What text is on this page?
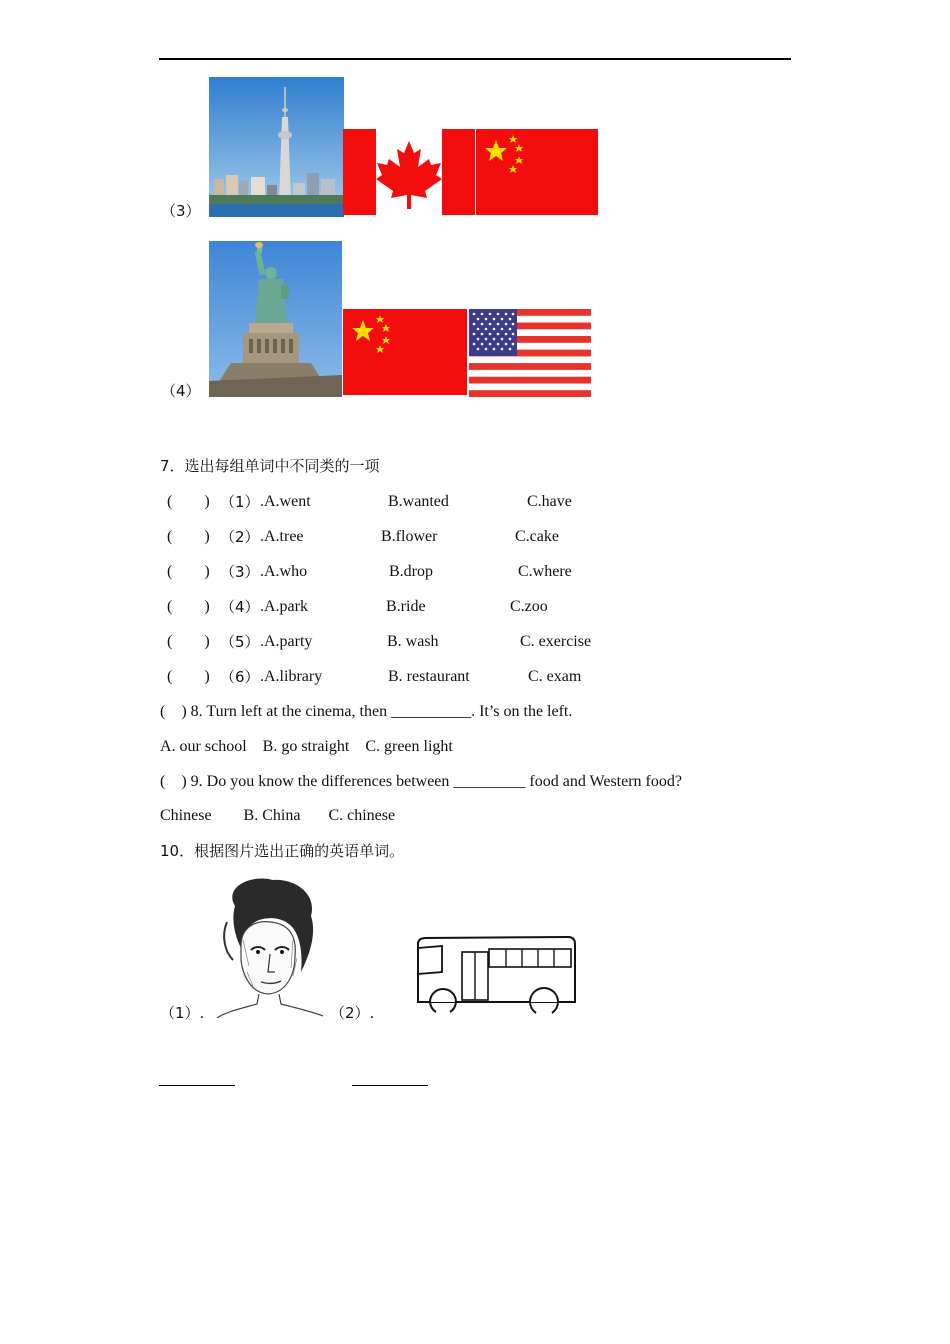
（3）
（4）
7．选出每组单词中不同类的一项
(        ) （1） .A.went	B.wanted	C.have
(        ) （2） .A.tree	B.flower	C.cake
(        ) （3） .A.who	B.drop	C.where
(        ) （4） .A.park	B.ride	C.zoo
(        ) （5） .A.party	B. wash	C. exercise
(        ) （6） .A.library	B. restaurant	C. exam
(    ) 8. Turn left at the cinema, then __________. It’s on the left.
A. our school    B. go straight    C. green light
(    ) 9. Do you know the differences between _________ food and Western food?
Chinese        B. China       C. chinese
10．根据图片选出正确的英语单词。
（1）.	（2）.
